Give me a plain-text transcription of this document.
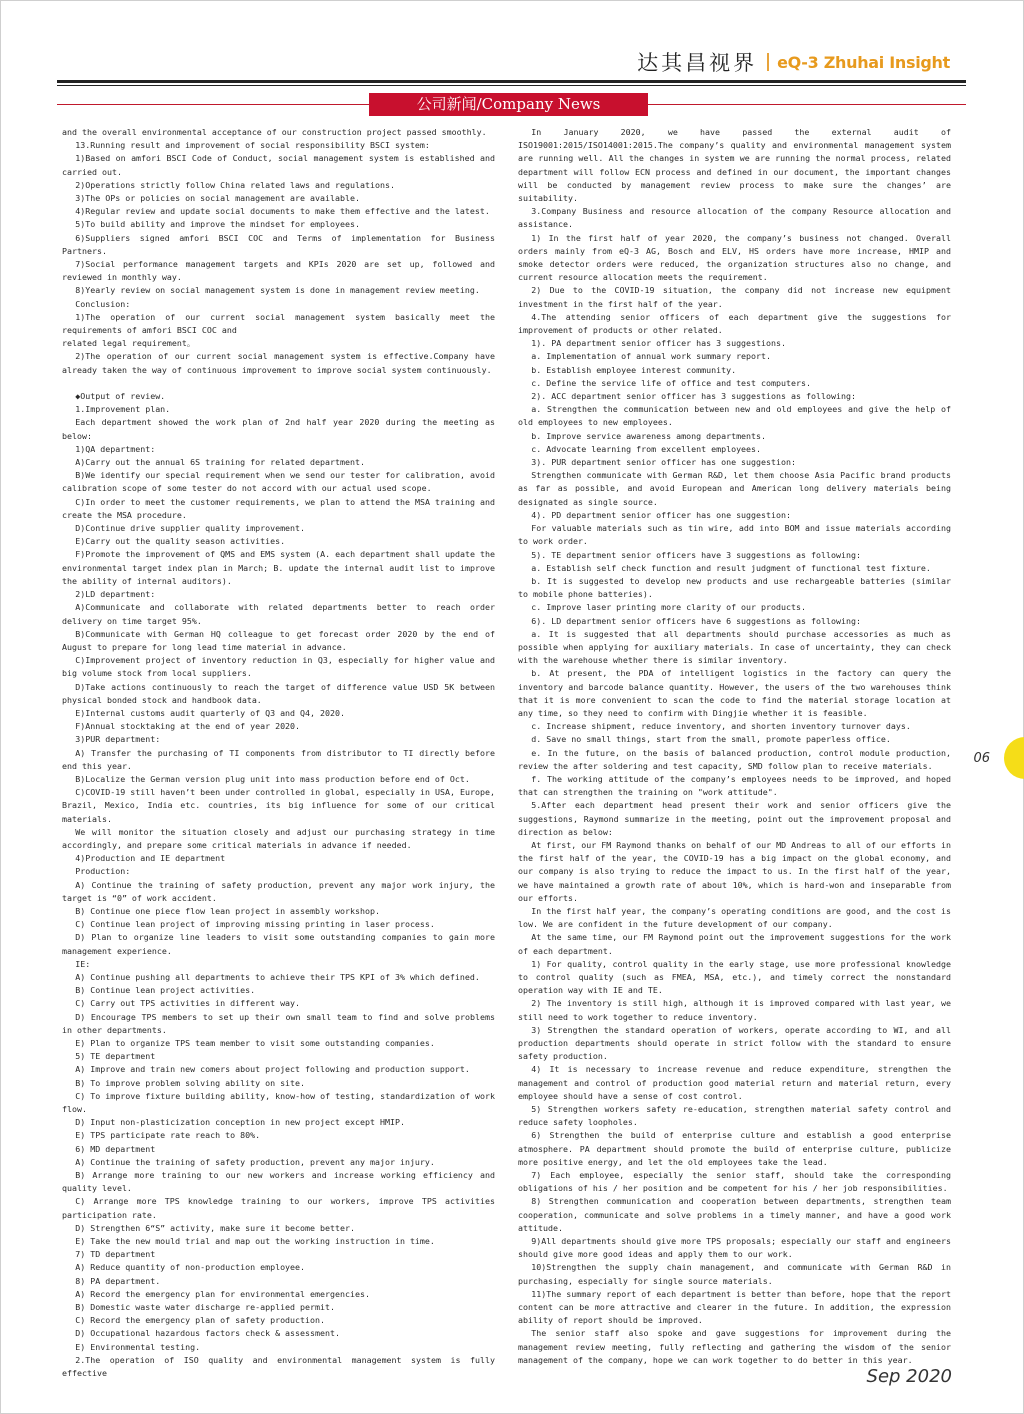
达其昌视界 eQ-3 Zhuhai Insight
公司新闻/Company News

and the overall environmental acceptance of our construction project passed smoothly.

13.Running result and improvement of social responsibility BSCI system:

1)Based on amfori BSCI Code of Conduct, social management system is established and carried out.

2)Operations strictly follow China related laws and regulations.

3)The OPs or policies on social management are available.

4)Regular review and update social documents to make them effective and the latest.

5)To build ability and improve the mindset for employees.

6)Suppliers signed amfori BSCI COC and Terms of implementation for Business Partners.

7)Social performance management targets and KPIs 2020 are set up, followed and reviewed in monthly way.

8)Yearly review on social management system is done in management review meeting.

Conclusion:

1)The operation of our current social management system basically meet the requirements of amfori BSCI COC and

related legal requirement。

2)The operation of our current social management system is effective.Company have already taken the way of continuous improvement to improve social system continuously.

◆Output of review.

1.Improvement plan.

Each department showed the work plan of 2nd half year 2020 during the meeting as below:

1)QA department:

A)Carry out the annual 6S training for related department.

B)We identify our special requirement when we send our tester for calibration, avoid calibration scope of some tester do not accord with our actual used scope.

C)In order to meet the customer requirements, we plan to attend the MSA training and create the MSA procedure.

D)Continue drive supplier quality improvement.

E)Carry out the quality season activities.

F)Promote the improvement of QMS and EMS system (A. each department shall update the environmental target index plan in March; B. update the internal audit list to improve the ability of internal auditors).

2)LD department:

A)Communicate and collaborate with related departments better to reach order delivery on time target 95%.

B)Communicate with German HQ colleague to get forecast order 2020 by the end of August to prepare for long lead time material in advance.

C)Improvement project of inventory reduction in Q3, especially for higher value and big volume stock from local suppliers.

D)Take actions continuously to reach the target of difference value USD 5K between physical bonded stock and handbook data.

E)Internal customs audit quarterly of Q3 and Q4, 2020.

F)Annual stocktaking at the end of year 2020.

3)PUR department:

A) Transfer the purchasing of TI components from distributor to TI directly before end this year.

B)Localize the German version plug unit into mass production before end of Oct.

C)COVID-19 still haven’t been under controlled in global, especially in USA, Europe, Brazil, Mexico, India etc. countries, its big influence for some of our critical materials.

We will monitor the situation closely and adjust our purchasing strategy in time accordingly, and prepare some critical materials in advance if needed.

4)Production and IE department

Production:

A) Continue the training of safety production, prevent any major work injury, the target is “0” of work accident.

B) Continue one piece flow lean project in assembly workshop.

C) Continue lean project of improving missing printing in laser process.

D) Plan to organize line leaders to visit some outstanding companies to gain more management experience.

IE:

A) Continue pushing all departments to achieve their TPS KPI of 3% which defined.

B) Continue lean project activities.

C) Carry out TPS activities in different way.

D) Encourage TPS members to set up their own small team to find and solve problems in other departments.

E) Plan to organize TPS team member to visit some outstanding companies.

5) TE department

A) Improve and train new comers about project following and production support.

B) To improve problem solving ability on site.

C) To improve fixture building ability, know-how of testing, standardization of work flow.

D) Input non-plasticization conception in new project except HMIP.

E) TPS participate rate reach to 80%.

6) MD department

A) Continue the training of safety production, prevent any major injury.

B) Arrange more training to our new workers and increase working efficiency and quality level.

C) Arrange more TPS knowledge training to our workers, improve TPS activities participation rate.

D) Strengthen 6“S” activity, make sure it become better.

E) Take the new mould trial and map out the working instruction in time.

7) TD department

A) Reduce quantity of non-production employee.

8) PA department.

A) Record the emergency plan for environmental emergencies.

B) Domestic waste water discharge re-applied permit.

C) Record the emergency plan of safety production.

D) Occupational hazardous factors check & assessment.

E) Environmental testing.

2.The operation of ISO quality and environmental management system is fully effective

In January 2020, we have passed the external audit of ISO19001:2015/ISO14001:2015.The company’s quality and environmental management system are running well. All the changes in system we are running the normal process, related department will follow ECN process and defined in our document, the important changes will be conducted by management review process to make sure the changes’ are suitability.

3.Company Business and resource allocation of the company Resource allocation and assistance.

1) In the first half of year 2020, the company’s business not changed. Overall orders mainly from eQ-3 AG, Bosch and ELV, HS orders have more increase, HMIP and smoke detector orders were reduced, the organization structures also no change, and current resource allocation meets the requirement.

2) Due to the COVID-19 situation, the company did not increase new equipment investment in the first half of the year.

4.The attending senior officers of each department give the suggestions for improvement of products or other related.

1). PA department senior officer has 3 suggestions.

a. Implementation of annual work summary report.

b. Establish employee interest community.

c. Define the service life of office and test computers.

2). ACC department senior officer has 3 suggestions as following:

a. Strengthen the communication between new and old employees and give the help of old employees to new employees.

b. Improve service awareness among departments.

c. Advocate learning from excellent employees.

3). PUR department senior officer has one suggestion:

Strengthen communicate with German R&D, let them choose Asia Pacific brand products as far as possible, and avoid European and American long delivery materials being designated as single source.

4). PD department senior officer has one suggestion:

For valuable materials such as tin wire, add into BOM and issue materials according to work order.

5). TE department senior officers have 3 suggestions as following:

a. Establish self check function and result judgment of functional test fixture.

b. It is suggested to develop new products and use rechargeable batteries (similar to mobile phone batteries).

c. Improve laser printing more clarity of our products.

6). LD department senior officers have 6 suggestions as following:

a. It is suggested that all departments should purchase accessories as much as possible when applying for auxiliary materials. In case of uncertainty, they can check with the warehouse whether there is similar inventory.

b. At present, the PDA of intelligent logistics in the factory can query the inventory and barcode balance quantity. However, the users of the two warehouses think that it is more convenient to scan the code to find the material storage location at any time, so they need to confirm with Dingjie whether it is feasible.

c. Increase shipment, reduce inventory, and shorten inventory turnover days.

d. Save no small things, start from the small, promote paperless office.

e. In the future, on the basis of balanced production, control module production, review the after soldering and test capacity, SMD follow plan to receive materials.

f. The working attitude of the company’s employees needs to be improved, and hoped that can strengthen the training on "work attitude".

5.After each department head present their work and senior officers give the suggestions, Raymond summarize in the meeting, point out the improvement proposal and direction as below:

At first, our FM Raymond thanks on behalf of our MD Andreas to all of our efforts in the first half of the year, the COVID-19 has a big impact on the global economy, and our company is also trying to reduce the impact to us. In the first half of the year, we have maintained a growth rate of about 10%, which is hard-won and inseparable from our efforts.

In the first half year, the company’s operating conditions are good, and the cost is low. We are confident in the future development of our company.

At the same time, our FM Raymond point out the improvement suggestions for the work of each department.

1) For quality, control quality in the early stage, use more professional knowledge to control quality (such as FMEA, MSA, etc.), and timely correct the nonstandard operation way with IE and TE.

2) The inventory is still high, although it is improved compared with last year, we still need to work together to reduce inventory.

3) Strengthen the standard operation of workers, operate according to WI, and all production departments should operate in strict follow with the standard to ensure safety production.

4) It is necessary to increase revenue and reduce expenditure, strengthen the management and control of production good material return and material return, every employee should have a sense of cost control.

5) Strengthen workers safety re-education, strengthen material safety control and reduce safety loopholes.

6) Strengthen the build of enterprise culture and establish a good enterprise atmosphere. PA department should promote the build of enterprise culture, publicize more positive energy, and let the old employees take the lead.

7) Each employee, especially the senior staff, should take the corresponding obligations of his / her position and be competent for his / her job responsibilities.

8) Strengthen communication and cooperation between departments, strengthen team cooperation, communicate and solve problems in a timely manner, and have a good work attitude.

9)All departments should give more TPS proposals; especially our staff and engineers should give more good ideas and apply them to our work.

10)Strengthen the supply chain management, and communicate with German R&D in purchasing, especially for single source materials.

11)The summary report of each department is better than before, hope that the report content can be more attractive and clearer in the future. In addition, the expression ability of report should be improved.

The senior staff also spoke and gave suggestions for improvement during the management review meeting, fully reflecting and gathering the wisdom of the senior management of the company, hope we can work together to do better in this year.

06
Sep 2020
